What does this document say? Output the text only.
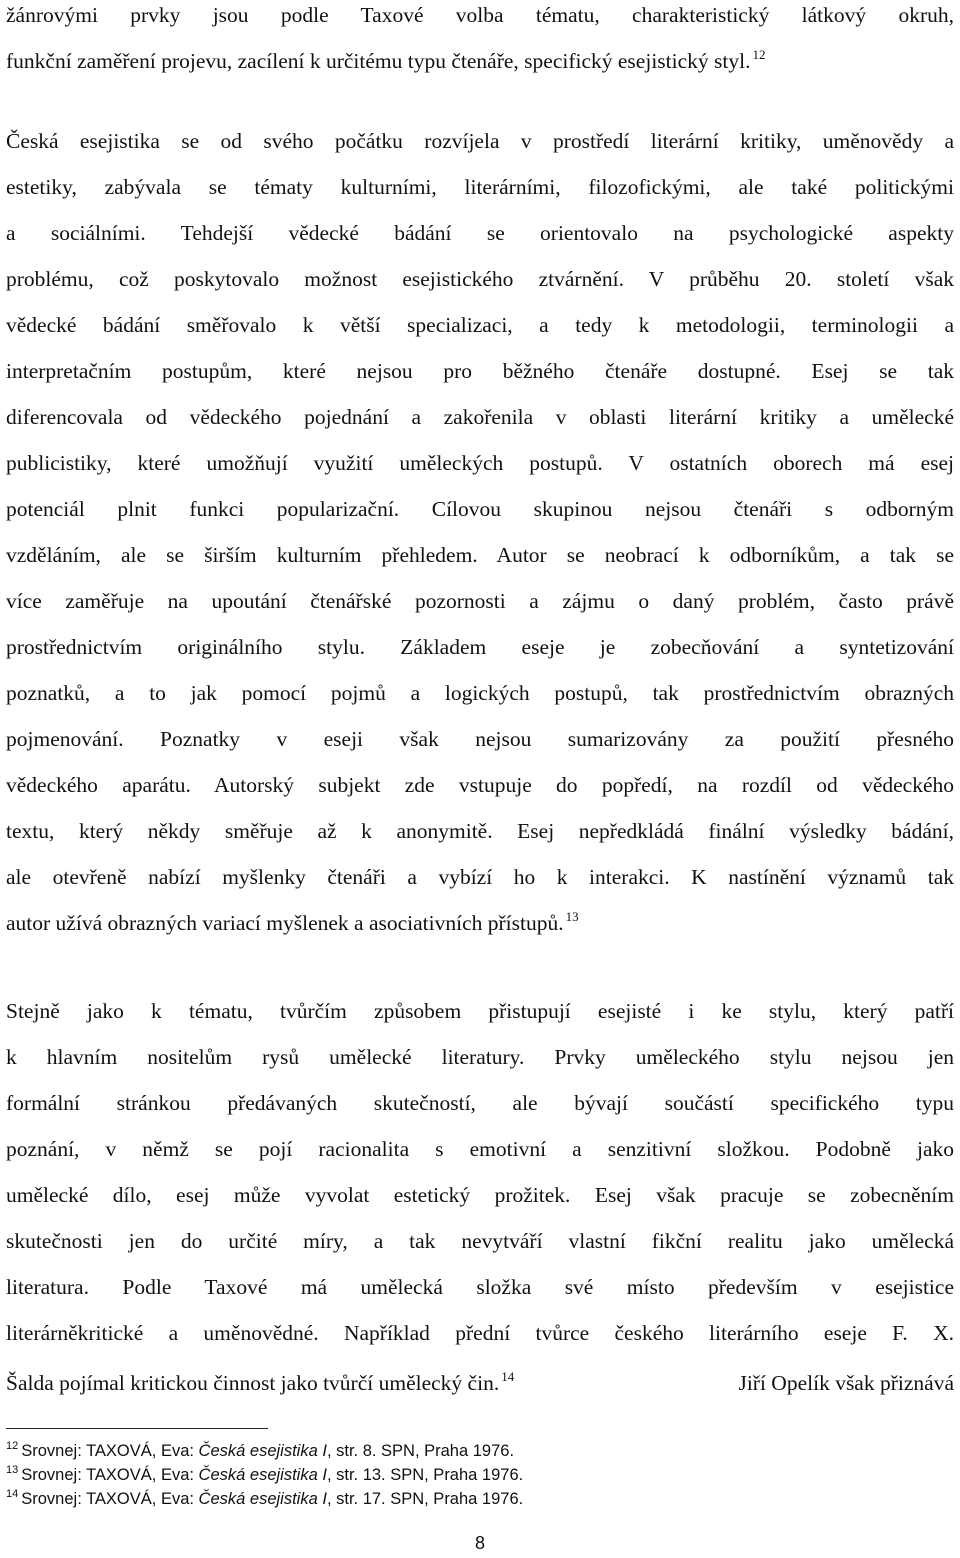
žánrovými prvky jsou podle Taxové volba tématu, charakteristický látkový okruh,
funkční zaměření projevu, zacílení k určitému typu čtenáře, specifický esejistický styl. $^{12}$
Česká esejistika se od svého počátku rozvíjela v prostředí literární kritiky, uměnovědy a
estetiky, zabývala se tématy kulturními, literárními, filozofickými, ale také politickými
a sociálními. Tehdejší vědecké bádání se orientovalo na psychologické aspekty
problému, což poskytovalo možnost esejistického ztvárnění. V průběhu 20. století však
vědecké bádání směřovalo k větší specializaci, a tedy k metodologii, terminologii a
interpretačním postupům, které nejsou pro běžného čtenáře dostupné. Esej se tak
diferencovala od vědeckého pojednání a zakořenila v oblasti literární kritiky a umělecké
publicistiky, které umožňují využití uměleckých postupů. V ostatních oborech má esej
potenciál plnit funkci popularizační. Cílovou skupinou nejsou čtenáři s odborným
vzděláním, ale se širším kulturním přehledem. Autor se neobrací k odborníkům, a tak se
více zaměřuje na upoutání čtenářské pozornosti a zájmu o daný problém, často právě
prostřednictvím originálního stylu. Základem eseje je zobecňování a syntetizování
poznatků, a to jak pomocí pojmů a logických postupů, tak prostřednictvím obrazných
pojmenování. Poznatky v eseji však nejsou sumarizovány za použití přesného
vědeckého aparátu. Autorský subjekt zde vstupuje do popředí, na rozdíl od vědeckého
textu, který někdy směřuje až k anonymitě. Esej nepředkládá finální výsledky bádání,
ale otevřeně nabízí myšlenky čtenáři a vybízí ho k interakci. K nastínění významů tak
autor užívá obrazných variací myšlenek a asociativních přístupů. $^{13}$
Stejně jako k tématu, tvůrčím způsobem přistupují esejisté i ke stylu, který patří
k hlavním nositelům rysů umělecké literatury. Prvky uměleckého stylu nejsou jen
formální stránkou předávaných skutečností, ale bývají součástí specifického typu
poznání, v němž se pojí racionalita s emotivní a senzitivní složkou. Podobně jako
umělecké dílo, esej může vyvolat estetický prožitek. Esej však pracuje se zobecněním
skutečnosti jen do určité míry, a tak nevytváří vlastní fikční realitu jako umělecká
literatura. Podle Taxové má umělecká složka své místo především v esejistice
literárněkritické a uměnovědné. Například přední tvůrce českého literárního eseje F. X.
Šalda pojímal kritickou činnost jako tvůrčí umělecký čin. $^{14}$	Jiří Opelík však přiznává
$^{12}$ Srovnej: TAXOVÁ, Eva: Česká esejistika I, str. 8. SPN, Praha 1976.
$^{13}$ Srovnej: TAXOVÁ, Eva: Česká esejistika I, str. 13. SPN, Praha 1976.
$^{14}$ Srovnej: TAXOVÁ, Eva: Česká esejistika I, str. 17. SPN, Praha 1976.
8
